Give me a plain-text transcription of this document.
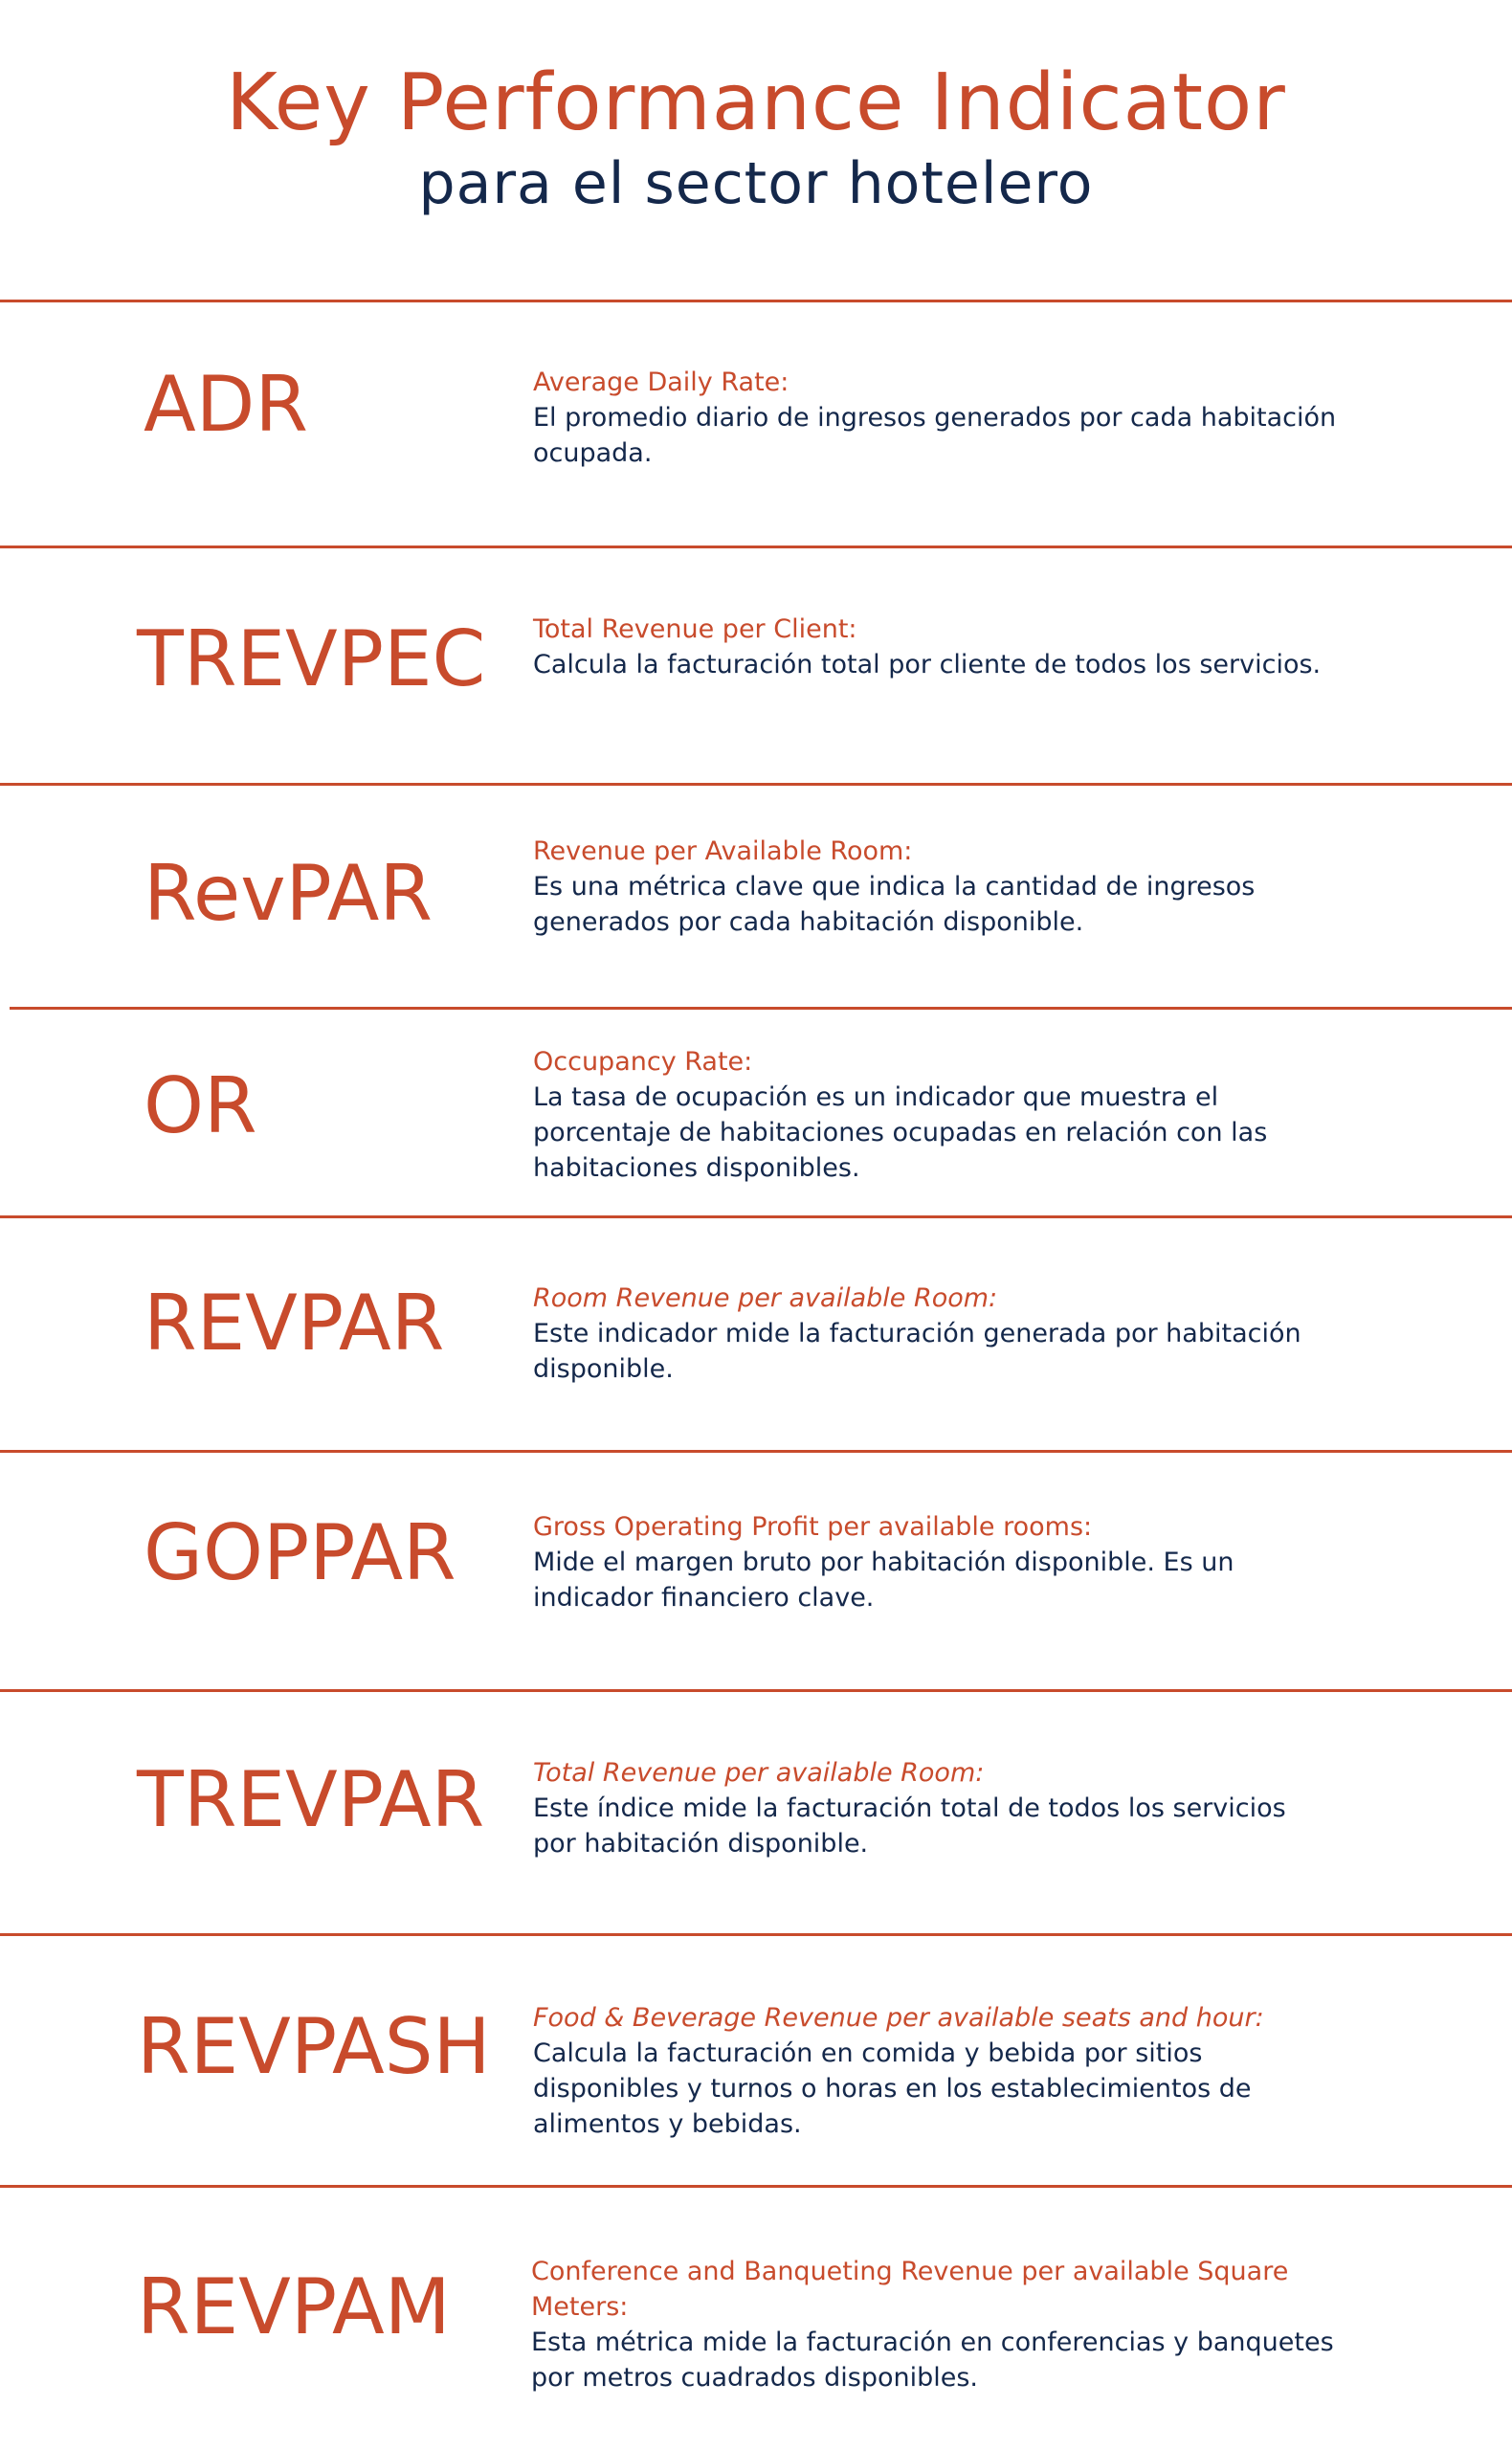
Key Performance Indicator
para el sector hotelero
ADR	Average Daily Rate:
El promedio diario de ingresos generados por cada habitación ocupada.
TREVPEC Total Revenue per Client:
Calcula la facturación total por cliente de todos los servicios.
RevPAR	Revenue per Available Room:
Es una métrica clave que indica la cantidad de ingresos generados por cada habitación disponible.
OR	Occupancy Rate:
La tasa de ocupación es un indicador que muestra el porcentaje de habitaciones ocupadas en relación con las habitaciones disponibles.
REVPAR	Room Revenue per available Room:
Este indicador mide la facturación generada por habitación disponible.
GOPPAR	Gross Operating Profit per available rooms:
Mide el margen bruto por habitación disponible. Es un indicador financiero clave.
TREVPAR Total Revenue per available Room:
Este índice mide la facturación total de todos los servicios por habitación disponible.
REVPASH Food & Beverage Revenue per available seats and hour:
Calcula la facturación en comida y bebida por sitios disponibles y turnos o horas en los establecimientos de alimentos y bebidas.
REVPAM	Conference and Banqueting Revenue per available Square Meters:
Esta métrica mide la facturación en conferencias y banquetes por metros cuadrados disponibles.
